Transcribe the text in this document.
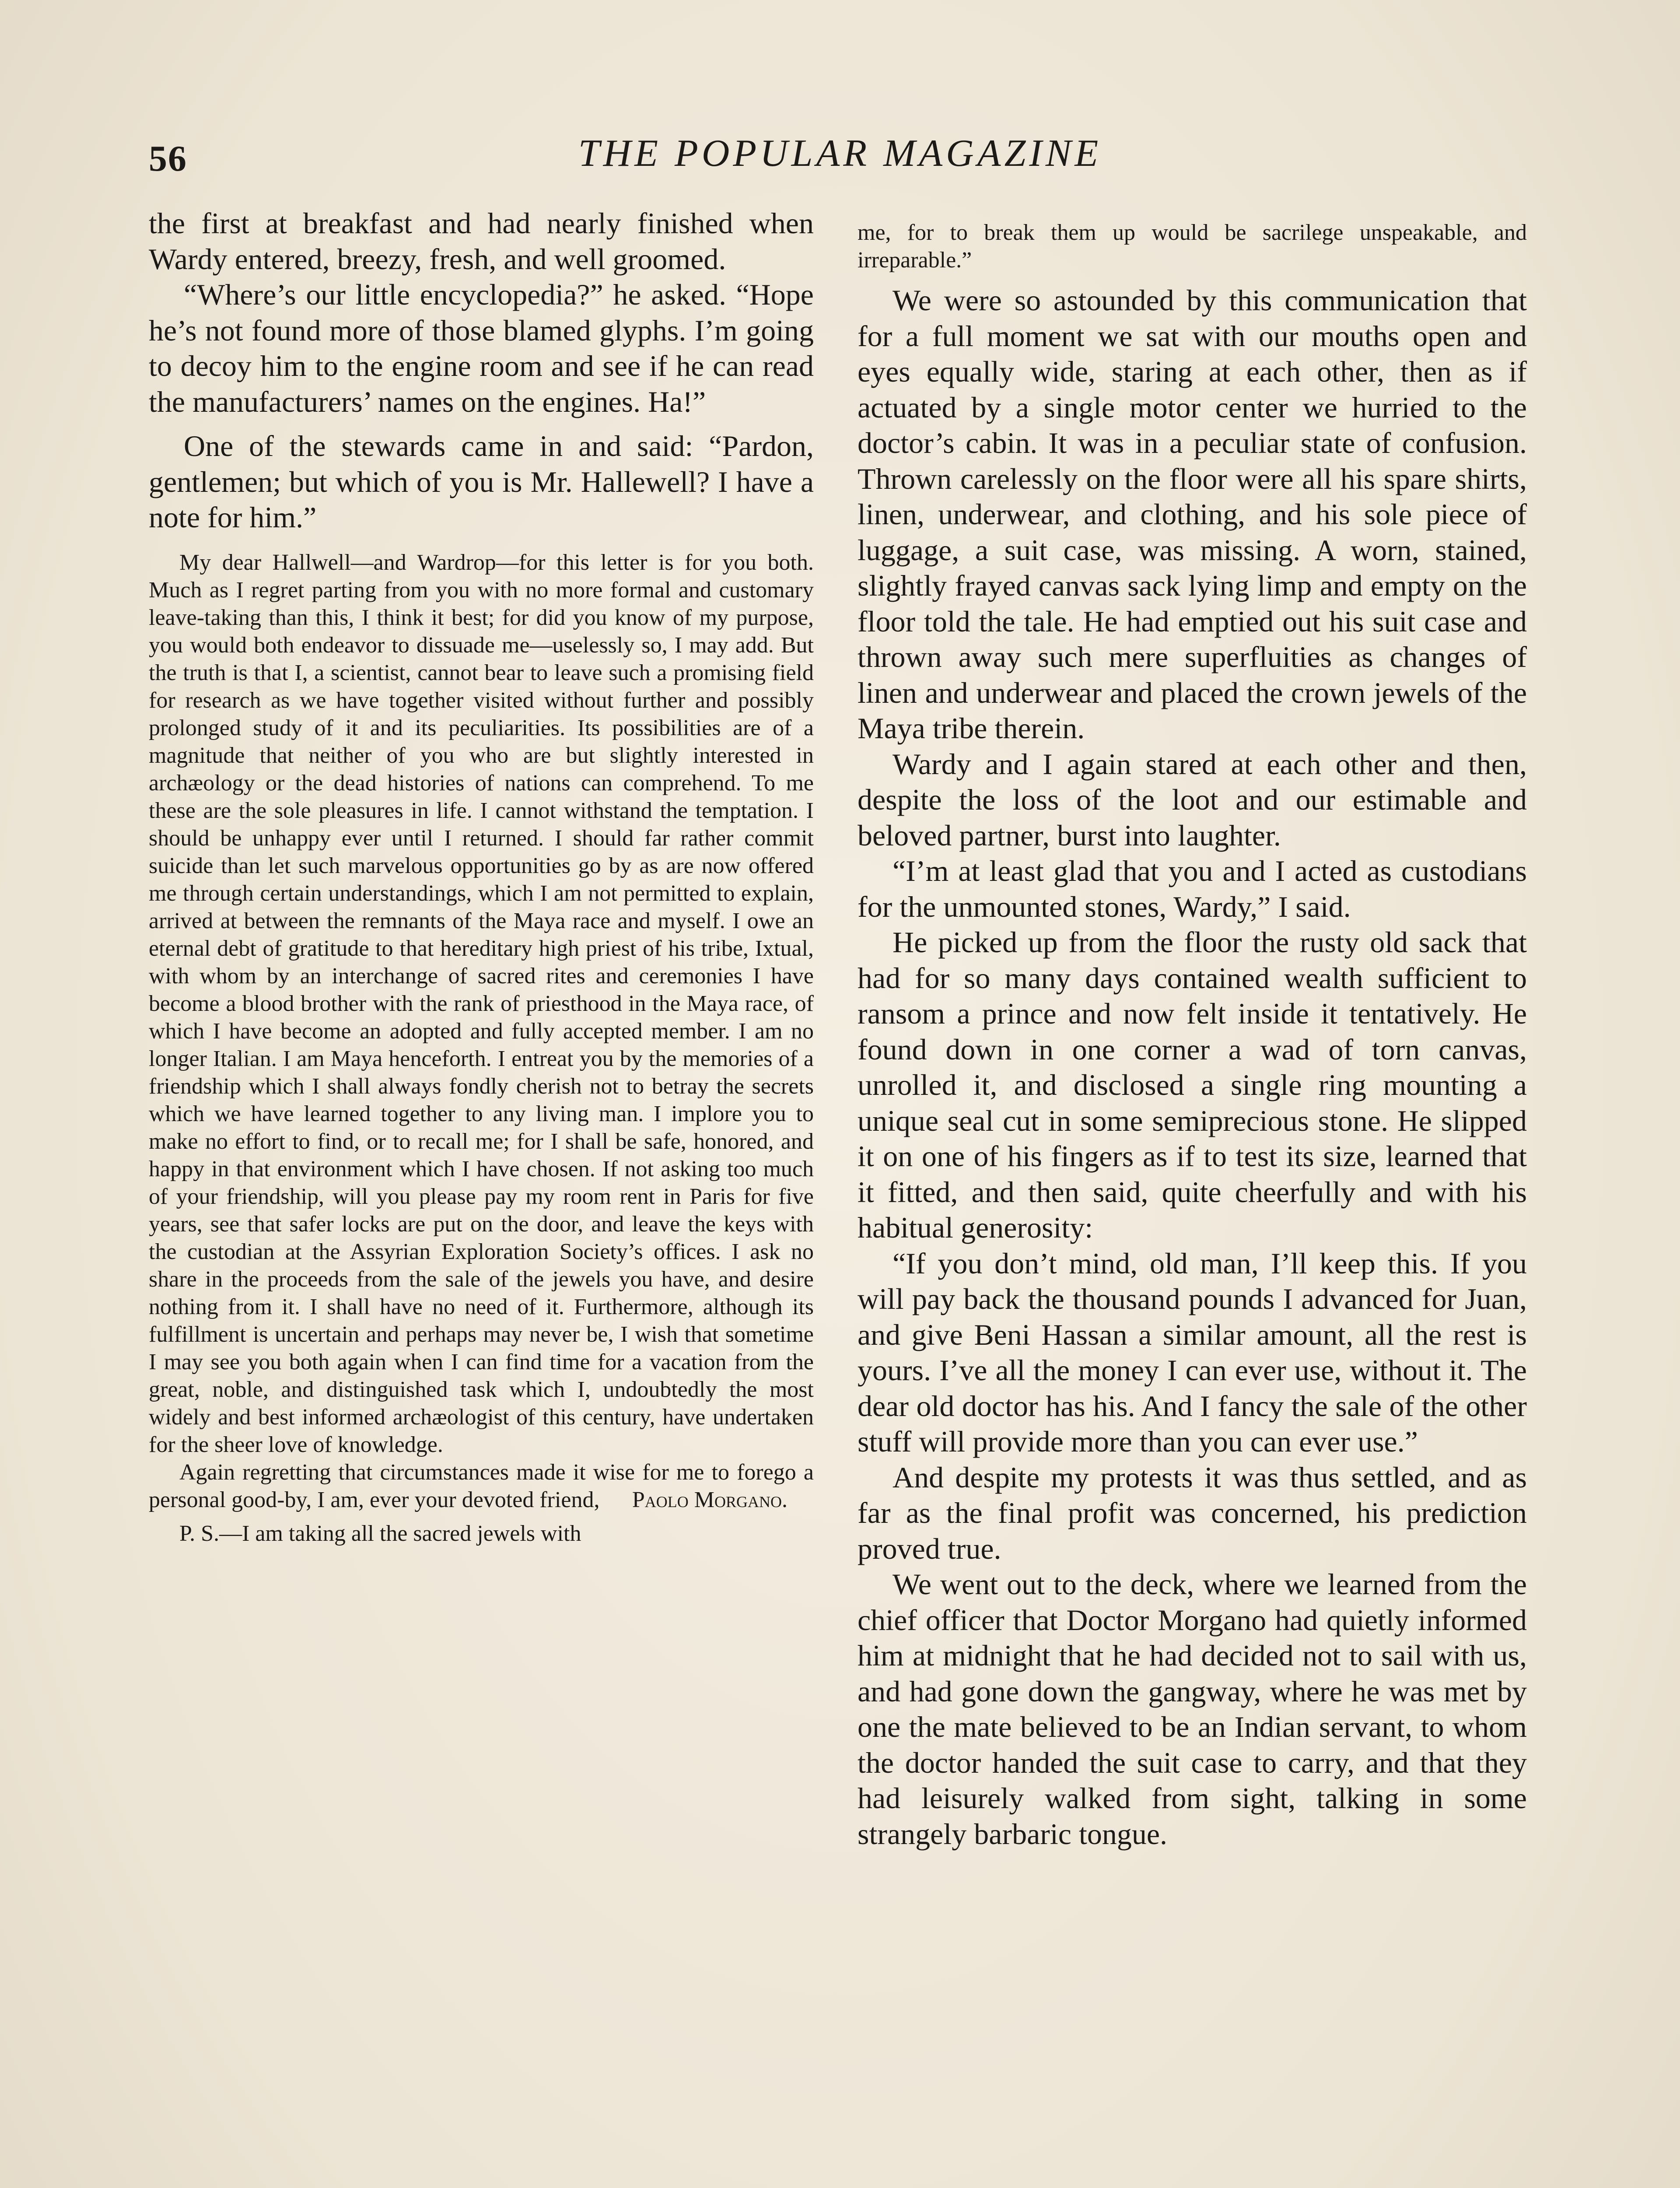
56	THE POPULAR MAGAZINE

the first at breakfast and had nearly finished when Wardy entered, breezy, fresh, and well groomed.

“Where’s our little encyclopedia?” he asked. “Hope he’s not found more of those blamed glyphs. I’m going to decoy him to the engine room and see if he can read the manufacturers’ names on the engines. Ha!”

One of the stewards came in and said: “Pardon, gentlemen; but which of you is Mr. Hallewell? I have a note for him.”

My dear Hallwell—and Wardrop—for this letter is for you both. Much as I regret parting from you with no more formal and customary leave-taking than this, I think it best; for did you know of my purpose, you would both endeavor to dissuade me—uselessly so, I may add. But the truth is that I, a scientist, cannot bear to leave such a promising field for research as we have together visited without further and possibly prolonged study of it and its peculiarities. Its possibilities are of a magnitude that neither of you who are but slightly interested in archæology or the dead histories of nations can comprehend. To me these are the sole pleasures in life. I cannot withstand the temptation. I should be unhappy ever until I returned. I should far rather commit suicide than let such marvelous opportunities go by as are now offered me through certain understandings, which I am not permitted to explain, arrived at between the remnants of the Maya race and myself. I owe an eternal debt of gratitude to that hereditary high priest of his tribe, Ixtual, with whom by an interchange of sacred rites and ceremonies I have become a blood brother with the rank of priesthood in the Maya race, of which I have become an adopted and fully accepted member. I am no longer Italian. I am Maya henceforth. I entreat you by the memories of a friendship which I shall always fondly cherish not to betray the secrets which we have learned together to any living man. I implore you to make no effort to find, or to recall me; for I shall be safe, honored, and happy in that environment which I have chosen. If not asking too much of your friendship, will you please pay my room rent in Paris for five years, see that safer locks are put on the door, and leave the keys with the custodian at the Assyrian Exploration Society’s offices. I ask no share in the proceeds from the sale of the jewels you have, and desire nothing from it. I shall have no need of it. Furthermore, although its fulfillment is uncertain and perhaps may never be, I wish that sometime I may see you both again when I can find time for a vacation from the great, noble, and distinguished task which I, undoubtedly the most widely and best informed archæologist of this century, have undertaken for the sheer love of knowledge.

Again regretting that circumstances made it wise for me to forego a personal good-by, I am, ever your devoted friend,	Paolo Morgano.

P. S.—I am taking all the sacred jewels with

me, for to break them up would be sacrilege unspeakable, and irreparable.”

We were so astounded by this communication that for a full moment we sat with our mouths open and eyes equally wide, staring at each other, then as if actuated by a single motor center we hurried to the doctor’s cabin. It was in a peculiar state of confusion. Thrown carelessly on the floor were all his spare shirts, linen, underwear, and clothing, and his sole piece of luggage, a suit case, was missing. A worn, stained, slightly frayed canvas sack lying limp and empty on the floor told the tale. He had emptied out his suit case and thrown away such mere superfluities as changes of linen and underwear and placed the crown jewels of the Maya tribe therein.

Wardy and I again stared at each other and then, despite the loss of the loot and our estimable and beloved partner, burst into laughter.

“I’m at least glad that you and I acted as custodians for the unmounted stones, Wardy,” I said.

He picked up from the floor the rusty old sack that had for so many days contained wealth sufficient to ransom a prince and now felt inside it tentatively. He found down in one corner a wad of torn canvas, unrolled it, and disclosed a single ring mounting a unique seal cut in some semiprecious stone. He slipped it on one of his fingers as if to test its size, learned that it fitted, and then said, quite cheerfully and with his habitual generosity:

“If you don’t mind, old man, I’ll keep this. If you will pay back the thousand pounds I advanced for Juan, and give Beni Hassan a similar amount, all the rest is yours. I’ve all the money I can ever use, without it. The dear old doctor has his. And I fancy the sale of the other stuff will provide more than you can ever use.”

And despite my protests it was thus settled, and as far as the final profit was concerned, his prediction proved true.

We went out to the deck, where we learned from the chief officer that Doctor Morgano had quietly informed him at midnight that he had decided not to sail with us, and had gone down the gangway, where he was met by one the mate believed to be an Indian servant, to whom the doctor handed the suit case to carry, and that they had leisurely walked from sight, talking in some strangely barbaric tongue.
